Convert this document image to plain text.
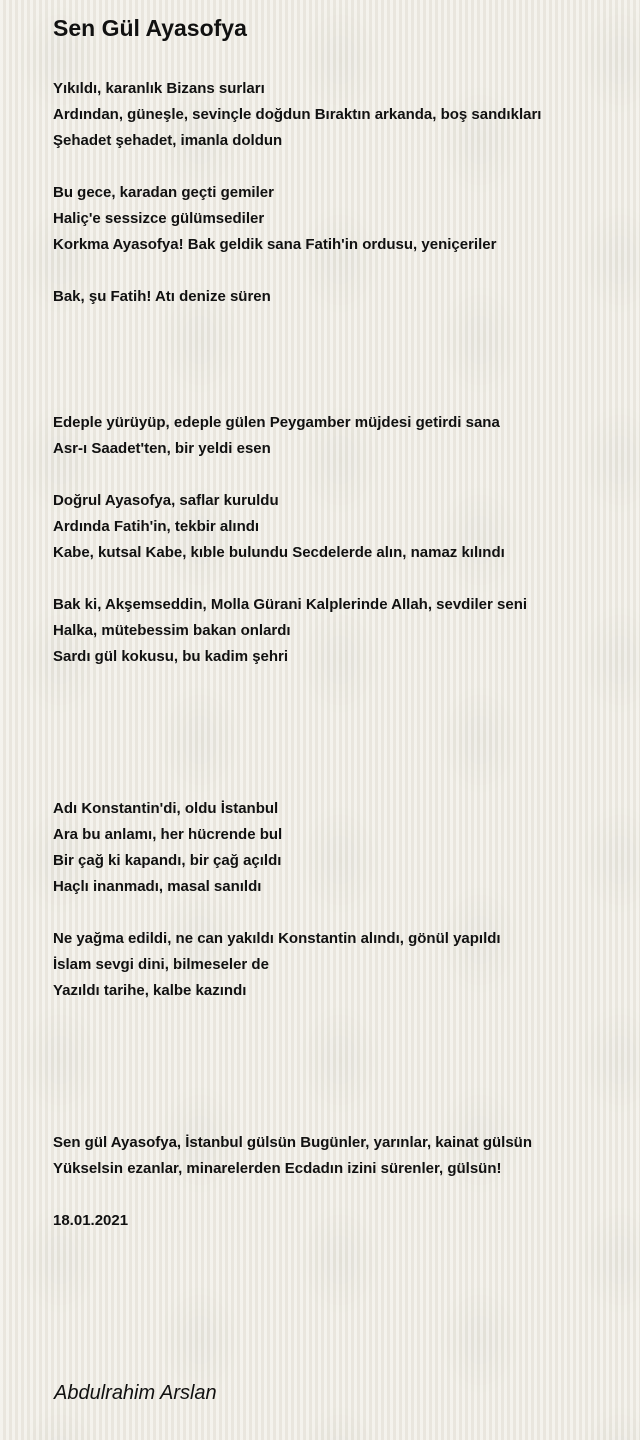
Sen Gül Ayasofya

Yıkıldı, karanlık Bizans surları

Ardından, güneşle, sevinçle doğdun Bıraktın arkanda, boş sandıkları

Şehadet şehadet, imanla doldun

Bu gece, karadan geçti gemiler

Haliç'e sessizce gülümsediler

Korkma Ayasofya! Bak geldik sana Fatih'in ordusu, yeniçeriler

Bak, şu Fatih! Atı denize süren

Edeple yürüyüp, edeple gülen Peygamber müjdesi getirdi sana

Asr-ı Saadet'ten, bir yeldi esen

Doğrul Ayasofya, saflar kuruldu

Ardında Fatih'in, tekbir alındı

Kabe, kutsal Kabe, kıble bulundu Secdelerde alın, namaz kılındı

Bak ki, Akşemseddin, Molla Gürani Kalplerinde Allah, sevdiler seni

Halka, mütebessim bakan onlardı

Sardı gül kokusu, bu kadim şehri

Adı Konstantin'di, oldu İstanbul

Ara bu anlamı, her hücrende bul

Bir çağ ki kapandı, bir çağ açıldı

Haçlı inanmadı, masal sanıldı

Ne yağma edildi, ne can yakıldı Konstantin alındı, gönül yapıldı

İslam sevgi dini, bilmeseler de

Yazıldı tarihe, kalbe kazındı

Sen gül Ayasofya, İstanbul gülsün Bugünler, yarınlar, kainat gülsün

Yükselsin ezanlar, minarelerden Ecdadın izini sürenler, gülsün!

18.01.2021

Abdulrahim Arslan
